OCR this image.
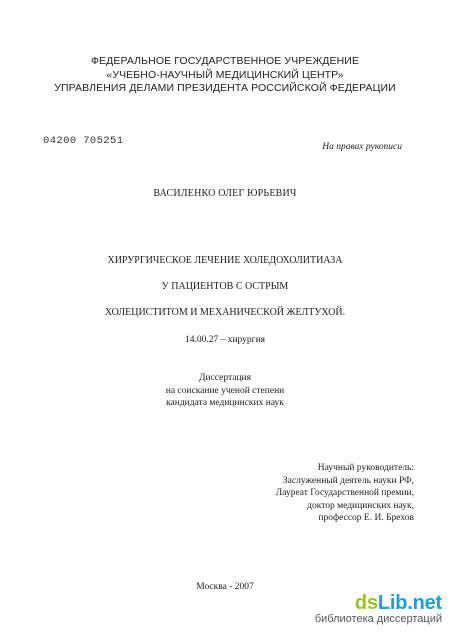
ФЕДЕРАЛЬНОЕ ГОСУДАРСТВЕННОЕ УЧРЕЖДЕНИЕ
«УЧЕБНО-НАУЧНЫЙ МЕДИЦИНСКИЙ ЦЕНТР»
УПРАВЛЕНИЯ ДЕЛАМИ ПРЕЗИДЕНТА РОССИЙСКОЙ ФЕДЕРАЦИИ
04200 705251	На правах рукописи
ВАСИЛЕНКО ОЛЕГ ЮРЬЕВИЧ
ХИРУРГИЧЕСКОЕ ЛЕЧЕНИЕ ХОЛЕДОХОЛИТИАЗА
У ПАЦИЕНТОВ С ОСТРЫМ
ХОЛЕЦИСТИТОМ И МЕХАНИЧЕСКОЙ ЖЕЛТУХОЙ.
14.00.27 – хирургия
Диссертация
на соискание ученой степени
кандидата медицинских наук
Научный руководитель:
Заслуженный деятель науки РФ,
Лауреат Государственной премии,
доктор медицинских наук,
профессор Е. И. Брехов
Москва - 2007
dsLib.net
библиотека диссертаций
